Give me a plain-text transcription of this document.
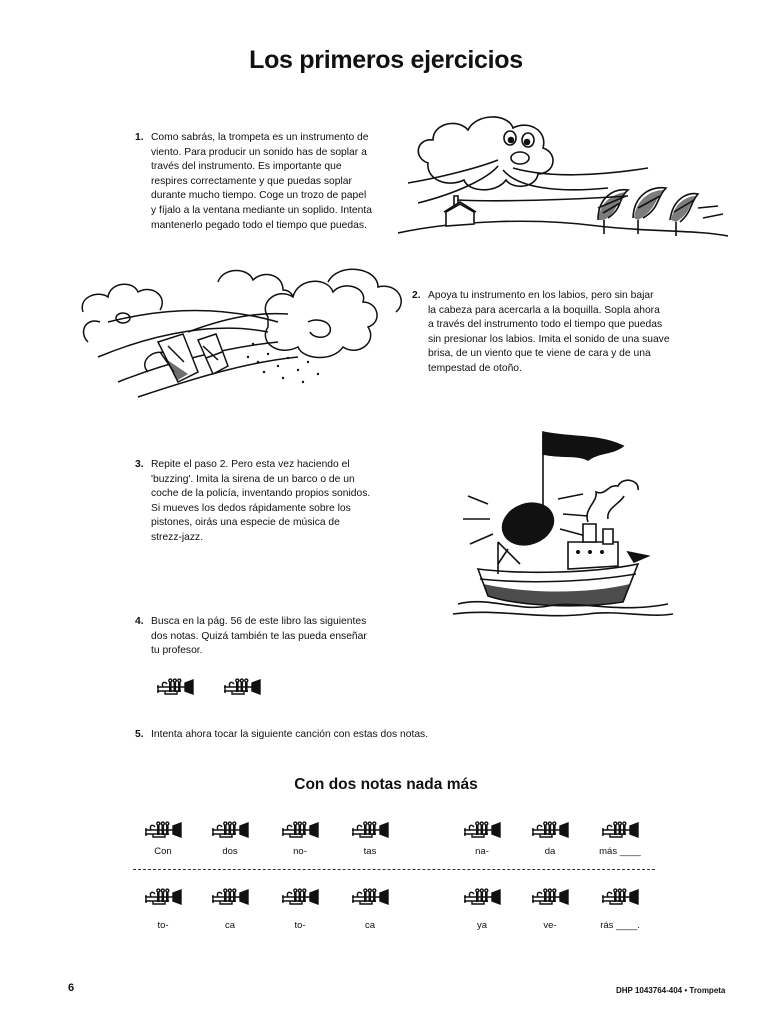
Los primeros ejercicios
1. Como sabrás, la trompeta es un instrumento de
viento. Para producir un sonido has de soplar a
través del instrumento. Es importante que
respires correctamente y que puedas soplar
durante mucho tiempo. Coge un trozo de papel
y fíjalo a la ventana mediante un soplido. Intenta
mantenerlo pegado todo el tiempo que puedas.
2. Apoya tu instrumento en los labios, pero sin bajar
la cabeza para acercarla a la boquilla. Sopla ahora
a través del instrumento todo el tiempo que puedas
sin presionar los labios. Imita el sonido de una suave
brisa, de un viento que te viene de cara y de una
tempestad de otoño.
3. Repite el paso 2. Pero esta vez haciendo el
'buzzing'. Imita la sirena de un barco o de un
coche de la policía, inventando propios sonidos.
Si mueves los dedos rápidamente sobre los
pistones, oirás una especie de música de
strezz-jazz.
4. Busca en la pág. 56 de este libro las siguientes
dos notas. Quizá también te las pueda enseñar
tu profesor.
5. Intenta ahora tocar la siguiente canción con estas dos notas.
Con dos notas nada más
Con	dos	no-	tas	na-	da	más ____
to-	ca	to-	ca	ya	ve-	rás ____.
6	DHP 1043764-404 • Trompeta
